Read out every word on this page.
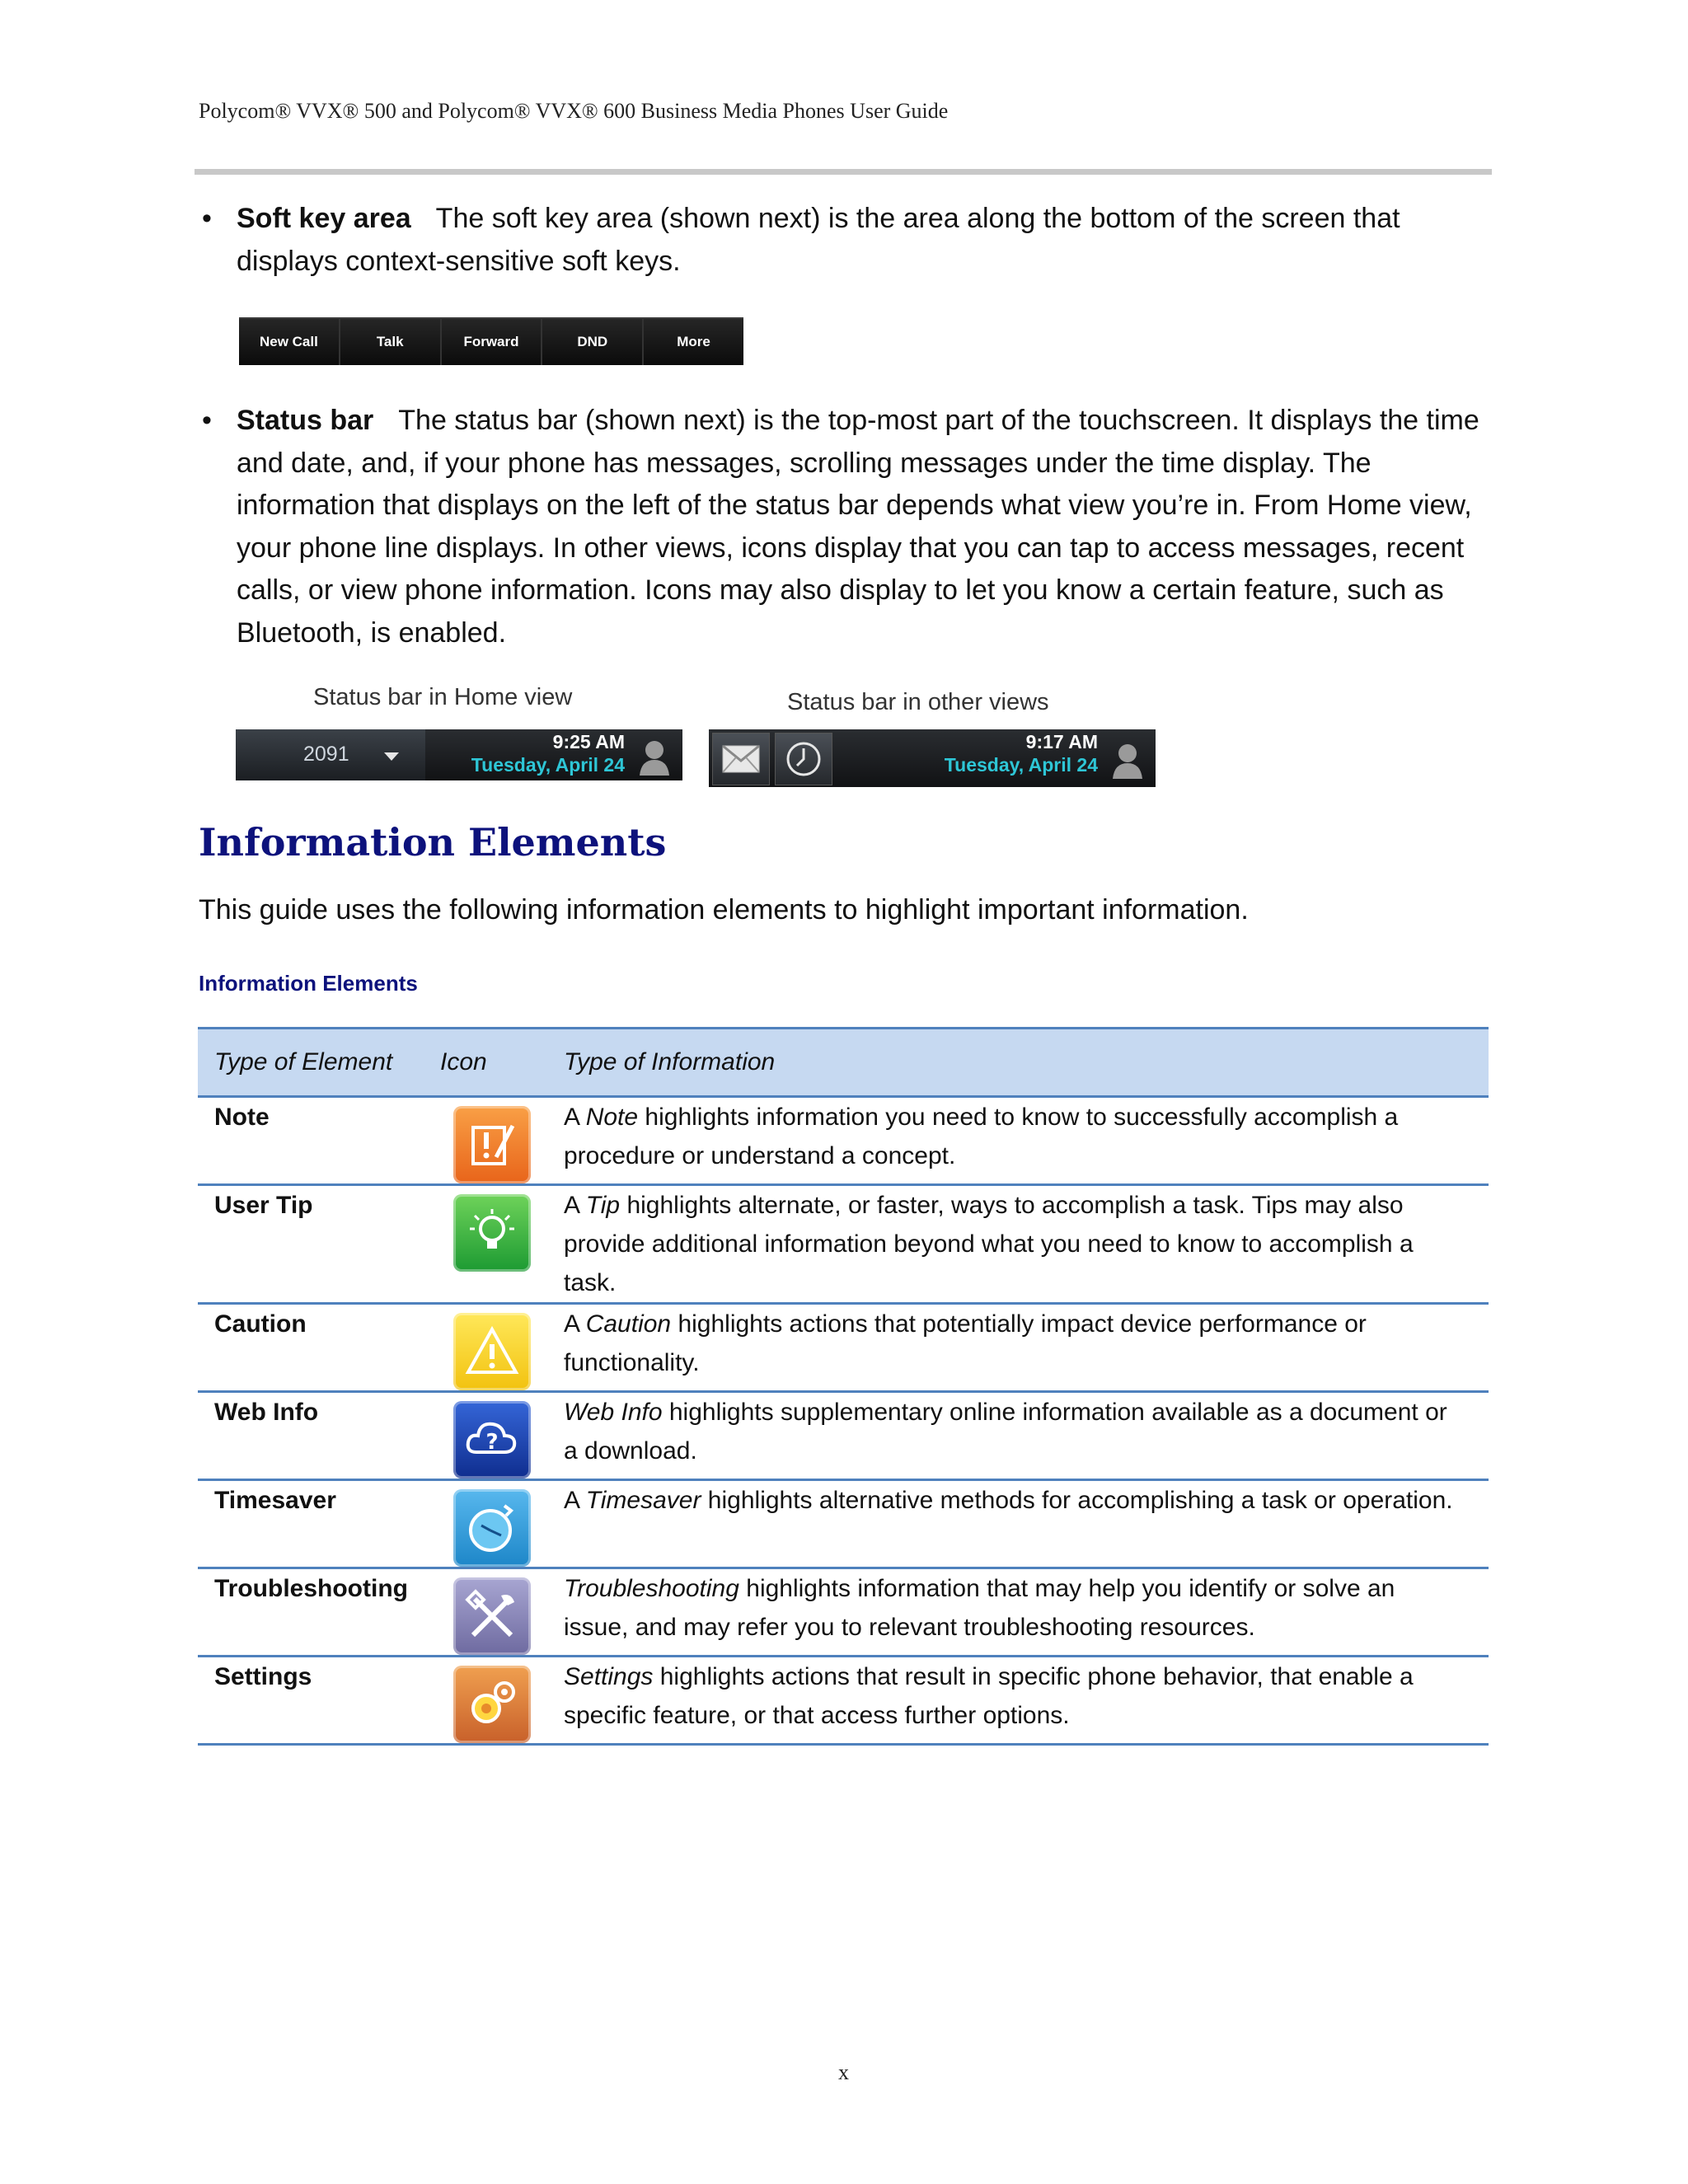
Polycom® VVX® 500 and Polycom® VVX® 600 Business Media Phones User Guide
• Soft key area The soft key area (shown next) is the area along the bottom of the screen that displays context-sensitive soft keys.
New Call	Talk	Forward	DND	More
• Status bar The status bar (shown next) is the top-most part of the touchscreen. It displays the time and date, and, if your phone has messages, scrolling messages under the time display. The information that displays on the left of the status bar depends what view you’re in. From Home view, your phone line displays. In other views, icons display that you can tap to access messages, recent calls, or view phone information. Icons may also display to let you know a certain feature, such as Bluetooth, is enabled.
Status bar in Home view	Status bar in other views
2091
9:25 AM
Tuesday, April 24
9:17 AM
Tuesday, April 24
Information Elements
This guide uses the following information elements to highlight important information.
Information Elements
Type of Element	Icon	Type of Information
Note		A Note highlights information you need to know to successfully accomplish a procedure or understand a concept.
User Tip		A Tip highlights alternate, or faster, ways to accomplish a task. Tips may also provide additional information beyond what you need to know to accomplish a task.
Caution		A Caution highlights actions that potentially impact device performance or functionality.
Web Info	?	Web Info highlights supplementary online information available as a document or a download.
Timesaver		A Timesaver highlights alternative methods for accomplishing a task or operation.
Troubleshooting		Troubleshooting highlights information that may help you identify or solve an issue, and may refer you to relevant troubleshooting resources.
Settings		Settings highlights actions that result in specific phone behavior, that enable a specific feature, or that access further options.
x
